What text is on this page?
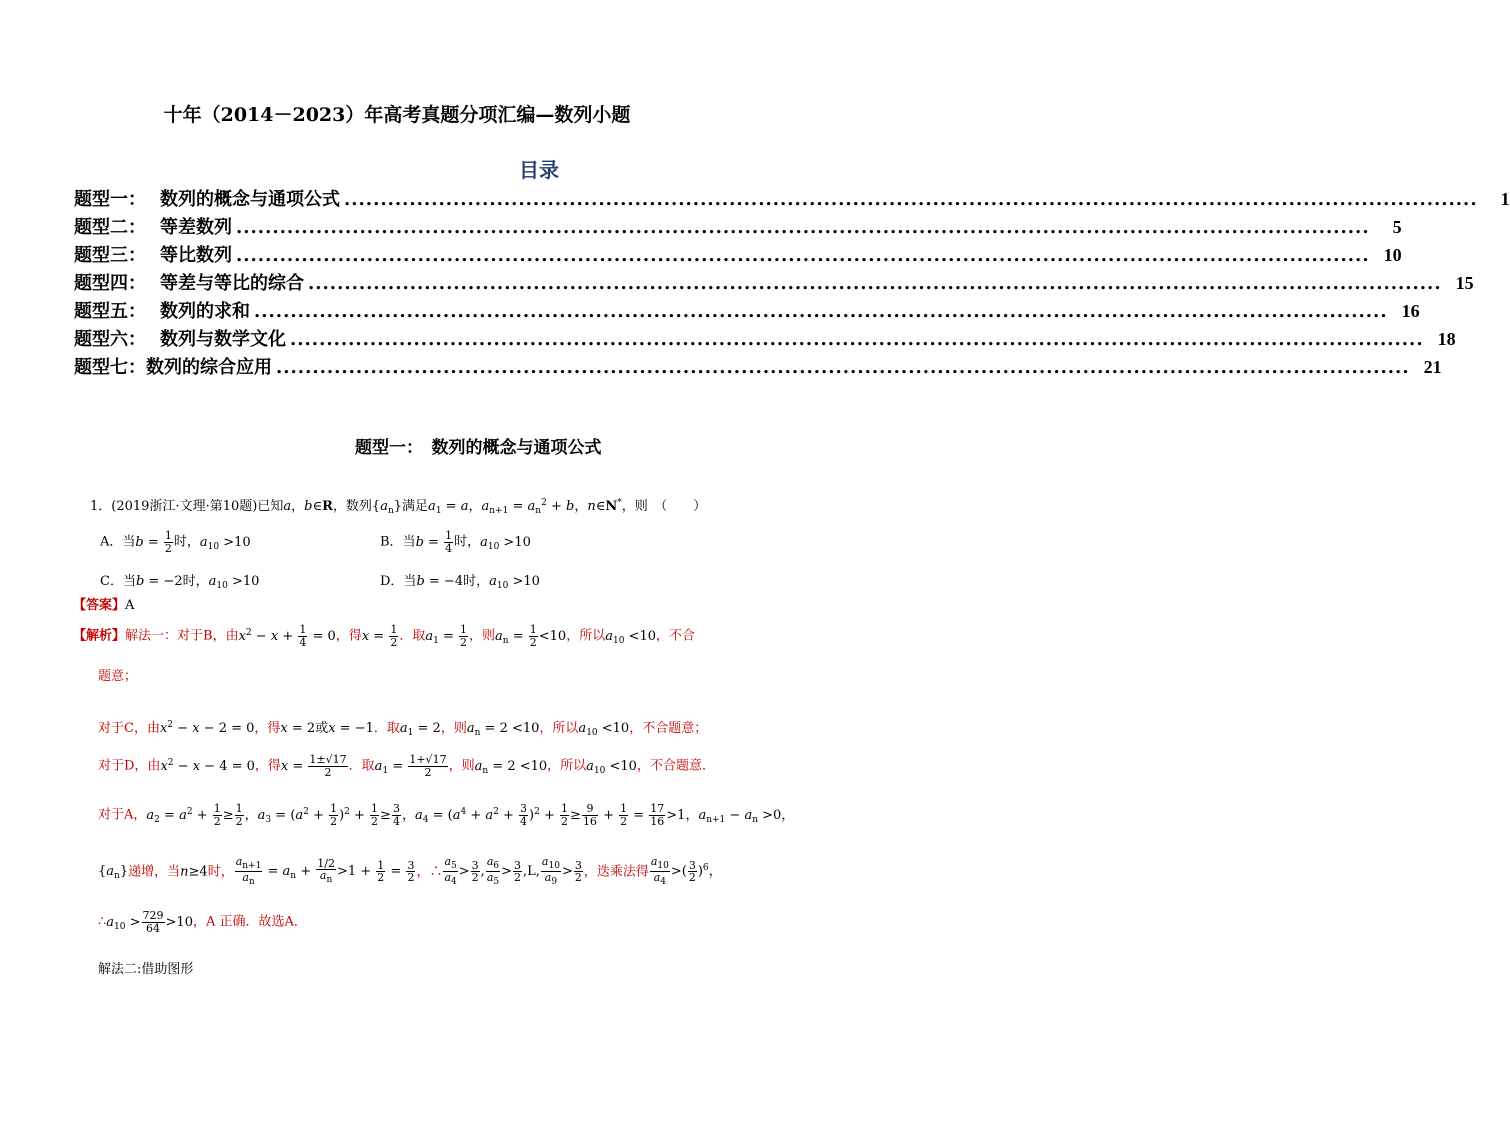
十年（2014－2023）年高考真题分项汇编—数列小题
目录
题型一： 数列的概念与通项公式 ............................................................................................................................................................	1
题型二： 等差数列 ............................................................................................................................................................	5
题型三： 等比数列 ............................................................................................................................................................ 10
题型四： 等差与等比的综合 ............................................................................................................................................................ 15
题型五： 数列的求和 ............................................................................................................................................................ 16
题型六： 数列与数学文化 ............................................................................................................................................................ 18
题型七： 数列的综合应用 ............................................................................................................................................................ 21
题型一：　数列的概念与通项公式
1．(2019浙江·文理·第10题)已知a，b∈R，数列$\{a_n\}$满足$a_1 = a$，$a_{n+1} = a_n^2 + b$，n∈N*，则　（　　）
A．当$b = \frac{1}{2}$ 时，$a_{10} >10$	B．当$b = \frac{1}{4}$ 时，$a_{10} >10$
C．当b = −2时，$a_{10} >10$	D．当b = −4时，$a_{10} >10$
【答案】A
【解析】解法一：对于B，由$x^2 - x + \frac{1}{4} = 0$，得$x = \frac{1}{2}$ ．取$a_1 = \frac{1}{2}$ ，则$a_n = \frac{1}{2} <10$，所以$a_{10} <10$，不合
题意；
对于C，由$x^2 - x - 2 = 0$，得x = 2或x = −1．取$a_1 = 2$，则$a_n = 2 <10$，所以$a_{10} <10$，不合题意；
对于D，由$x^2 - x - 4 = 0$，得$x = \frac{1\pm√17}{2}$ ．取$a_1 = \frac{1+√17}{2}$ ，则$a_n = 2 <10$，所以$a_{10} <10$，不合题意．
对于A，$a_2 = a^2 + \frac{1}{2} \ge \frac{1}{2}$ ，$a_3 = (a^2 + \frac{1}{2} )^2 + \frac{1}{2} \ge \frac{3}{4}$ ，$a_4 = (a^4 + a^2 + \frac{3}{4} )^2 + \frac{1}{2} \ge \frac{9}{16} + \frac{1}{2} = \frac{17}{16} >1$，$a_{n+1} - a_n >0$，
$\{a_n\}$递增，当n≥4时， $\frac{a_{n+1}}{a_n} = a_n + \frac{1/2}{a_n} >1 + \frac{1}{2} = \frac{3}{2}$ ，∴ $\frac{a_5}{a_4} > \frac{3}{2}$ , $\frac{a_6}{a_5} > \frac{3}{2} ,L$, $\frac{a_{10}}{a_9} > \frac{3}{2}$ ，迭乘法得 $\frac{a_{10}}{a_4}$ >( $\frac{3}{2} )^6$，
$\therefore a_{10} > \frac{729}{64} >10$，A 正确．故选A．
解法二:借助图形
